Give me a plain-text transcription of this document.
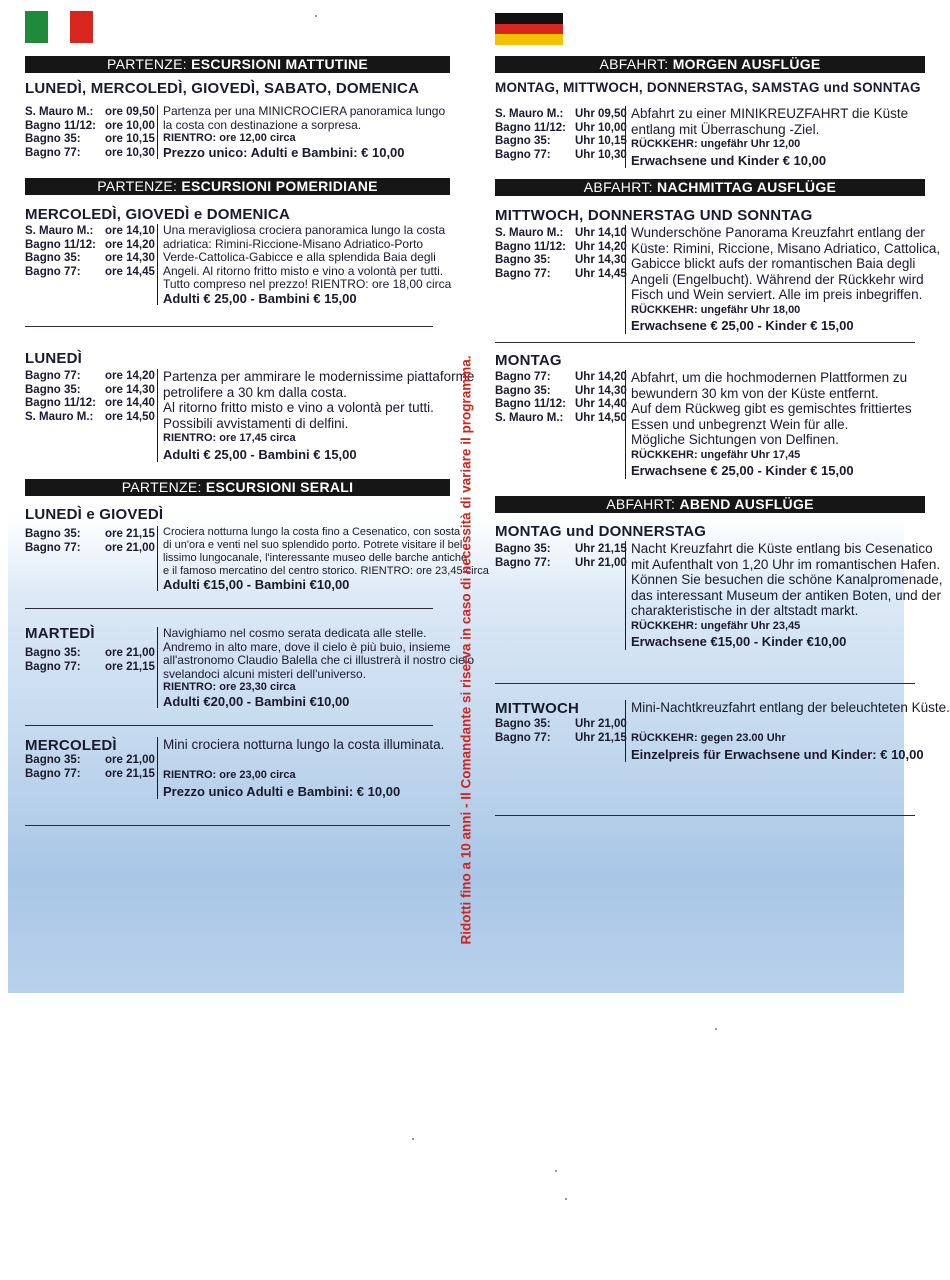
PARTENZE: ESCURSIONI MATTUTINE
LUNEDÌ, MERCOLEDÌ, GIOVEDÌ, SABATO, DOMENICA
S. Mauro M.:	ore 09,50
Bagno 11/12: ore 10,00
Bagno 35:	ore 10,15
Bagno 77:	ore 10,30
Partenza per una MINICROCIERA panoramica lungo
la costa con destinazione a sorpresa.
RIENTRO: ore 12,00 circa
Prezzo unico: Adulti e Bambini: € 10,00
PARTENZE: ESCURSIONI POMERIDIANE
MERCOLEDÌ, GIOVEDÌ e DOMENICA
S. Mauro M.:	ore 14,10
Bagno 11/12: ore 14,20
Bagno 35:	ore 14,30
Bagno 77:	ore 14,45
Una meravigliosa crociera panoramica lungo la costa
adriatica: Rimini-Riccione-Misano Adriatico-Porto
Verde-Cattolica-Gabicce e alla splendida Baia degli
Angeli. Al ritorno fritto misto e vino a volontà per tutti.
Tutto compreso nel prezzo! RIENTRO: ore 18,00 circa
Adulti € 25,00 - Bambini € 15,00
LUNEDÌ
Bagno 77:	ore 14,20
Bagno 35:	ore 14,30
Bagno 11/12: ore 14,40
S. Mauro M.:	ore 14,50
Partenza per ammirare le modernissime piattaforme
petrolifere a 30 km dalla costa.
Al ritorno fritto misto e vino a volontà per tutti.
Possibili avvistamenti di delfini.
RIENTRO: ore 17,45 circa
Adulti € 25,00 - Bambini € 15,00
PARTENZE: ESCURSIONI SERALI
LUNEDÌ e GIOVEDÌ
Bagno 35:	ore 21,15
Bagno 77:	ore 21,00
Crociera notturna lungo la costa fino a Cesenatico, con sosta
di un'ora e venti nel suo splendido porto. Potrete visitare il bel-
lissimo lungocanale, l'interessante museo delle barche antiche
e il famoso mercatino del centro storico. RIENTRO: ore 23,45 circa
Adulti €15,00 - Bambini €10,00
MARTEDÌ
Bagno 35:	ore 21,00
Bagno 77:	ore 21,15
Navighiamo nel cosmo serata dedicata alle stelle.
Andremo in alto mare, dove il cielo è più buio, insieme
all'astronomo Claudio Balella che ci illustrerà il nostro cielo
svelandoci alcuni misteri dell'universo.
RIENTRO: ore 23,30 circa
Adulti €20,00 - Bambini €10,00
MERCOLEDÌ
Bagno 35:	ore 21,00
Bagno 77:	ore 21,15
Mini crociera notturna lungo la costa illuminata.

RIENTRO: ore 23,00 circa
Prezzo unico Adulti e Bambini: € 10,00	Ridotti fino a 10 anni - Il Comandante si riserva in caso di necessità di variare il programma.
ABFAHRT: MORGEN AUSFLÜGE
MONTAG, MITTWOCH, DONNERSTAG, SAMSTAG und SONNTAG
S. Mauro M.:	Uhr 09,50
Bagno 11/12: Uhr 10,00
Bagno 35:	Uhr 10,15
Bagno 77:	Uhr 10,30
Abfahrt zu einer MINIKREUZFAHRT die Küste
entlang mit Überraschung -Ziel.
RÜCKKEHR: ungefähr Uhr 12,00
Erwachsene und Kinder € 10,00
ABFAHRT: NACHMITTAG AUSFLÜGE
MITTWOCH, DONNERSTAG UND SONNTAG
S. Mauro M.:	Uhr 14,10
Bagno 11/12: Uhr 14,20
Bagno 35:	Uhr 14,30
Bagno 77:	Uhr 14,45
Wunderschöne Panorama Kreuzfahrt entlang der
Küste: Rimini, Riccione, Misano Adriatico, Cattolica,
Gabicce blickt aufs der romantischen Baia degli
Angeli (Engelbucht). Während der Rückkehr wird
Fisch und Wein serviert. Alle im preis inbegriffen.
RÜCKKEHR: ungefähr Uhr 18,00
Erwachsene € 25,00 - Kinder € 15,00
MONTAG
Bagno 77:	Uhr 14,20
Bagno 35:	Uhr 14,30
Bagno 11/12: Uhr 14,40
S. Mauro M.:	Uhr 14,50
Abfahrt, um die hochmodernen Plattformen zu
bewundern 30 km von der Küste entfernt.
Auf dem Rückweg gibt es gemischtes frittiertes
Essen und unbegrenzt Wein für alle.
Mögliche Sichtungen von Delfinen.
RÜCKKEHR: ungefähr Uhr 17,45
Erwachsene € 25,00 - Kinder € 15,00
ABFAHRT: ABEND AUSFLÜGE
MONTAG und DONNERSTAG
Bagno 35:	Uhr 21,15
Bagno 77:	Uhr 21,00
Nacht Kreuzfahrt die Küste entlang bis Cesenatico
mit Aufenthalt von 1,20 Uhr im romantischen Hafen.
Können Sie besuchen die schöne Kanalpromenade,
das interessant Museum der antiken Boten, und der
charakteristische in der altstadt markt.
RÜCKKEHR: ungefähr Uhr 23,45
Erwachsene €15,00 - Kinder €10,00
MITTWOCH
Bagno 35:	Uhr 21,00
Bagno 77:	Uhr 21,15
Mini-Nachtkreuzfahrt entlang der beleuchteten Küste.

RÜCKKEHR: gegen 23.00 Uhr
Einzelpreis für Erwachsene und Kinder: € 10,00
